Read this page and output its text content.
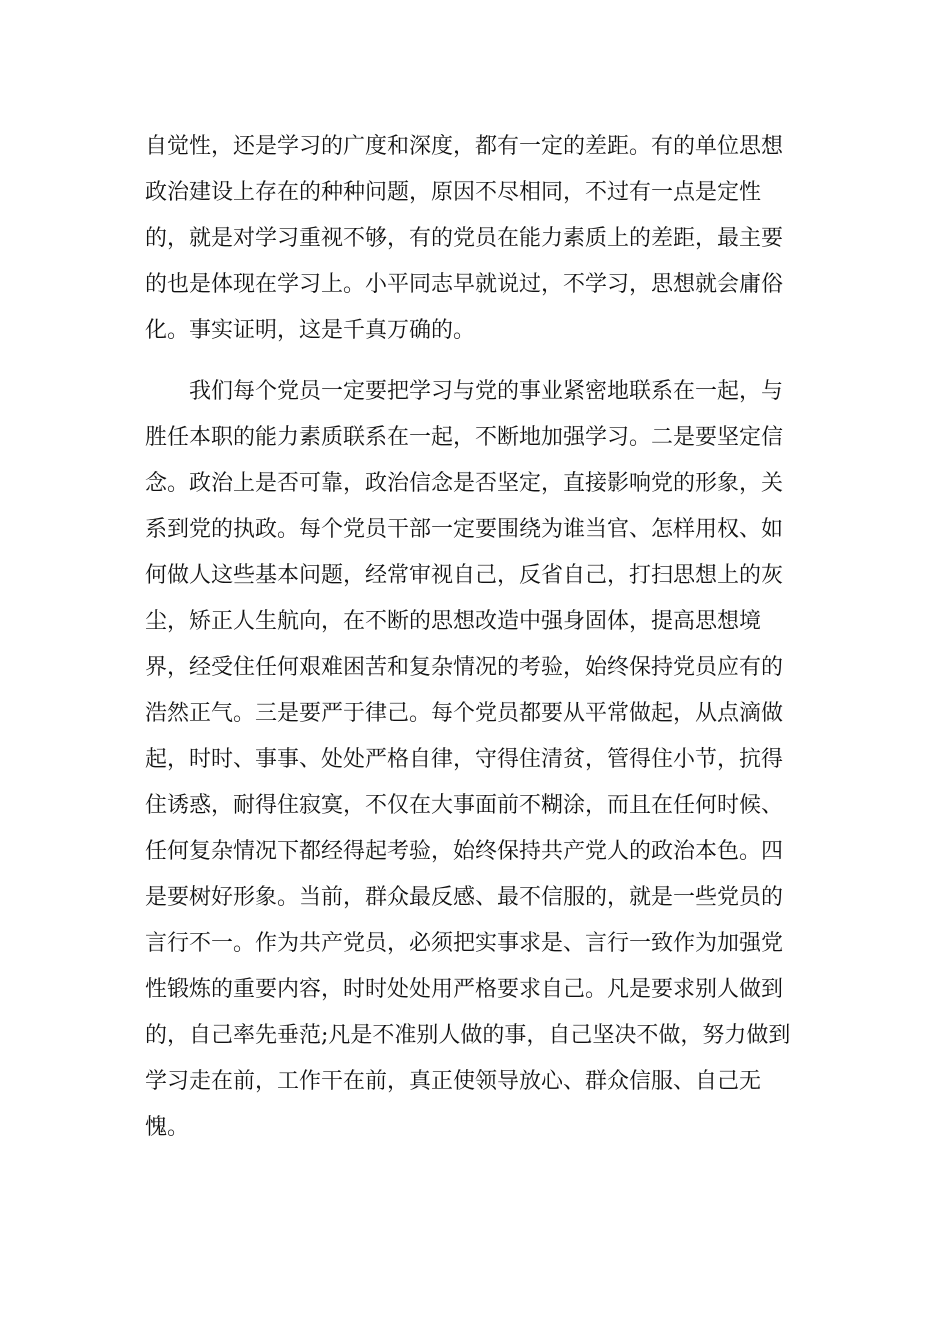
自觉性，还是学习的广度和深度，都有一定的差距。有的单位思想
政治建设上存在的种种问题，原因不尽相同，不过有一点是定性
的，就是对学习重视不够，有的党员在能力素质上的差距，最主要
的也是体现在学习上。小平同志早就说过，不学习，思想就会庸俗
化。事实证明，这是千真万确的。
我们每个党员一定要把学习与党的事业紧密地联系在一起，与
胜任本职的能力素质联系在一起，不断地加强学习。二是要坚定信
念。政治上是否可靠，政治信念是否坚定，直接影响党的形象，关
系到党的执政。每个党员干部一定要围绕为谁当官、怎样用权、如
何做人这些基本问题，经常审视自己，反省自己，打扫思想上的灰
尘，矫正人生航向，在不断的思想改造中强身固体，提高思想境
界，经受住任何艰难困苦和复杂情况的考验，始终保持党员应有的
浩然正气。三是要严于律己。每个党员都要从平常做起，从点滴做
起，时时、事事、处处严格自律，守得住清贫，管得住小节，抗得
住诱惑，耐得住寂寞，不仅在大事面前不糊涂，而且在任何时候、
任何复杂情况下都经得起考验，始终保持共产党人的政治本色。四
是要树好形象。当前，群众最反感、最不信服的，就是一些党员的
言行不一。作为共产党员，必须把实事求是、言行一致作为加强党
性锻炼的重要内容，时时处处用严格要求自己。凡是要求别人做到
的，自己率先垂范;凡是不准别人做的事，自己坚决不做，努力做到
学习走在前，工作干在前，真正使领导放心、群众信服、自己无
愧。
